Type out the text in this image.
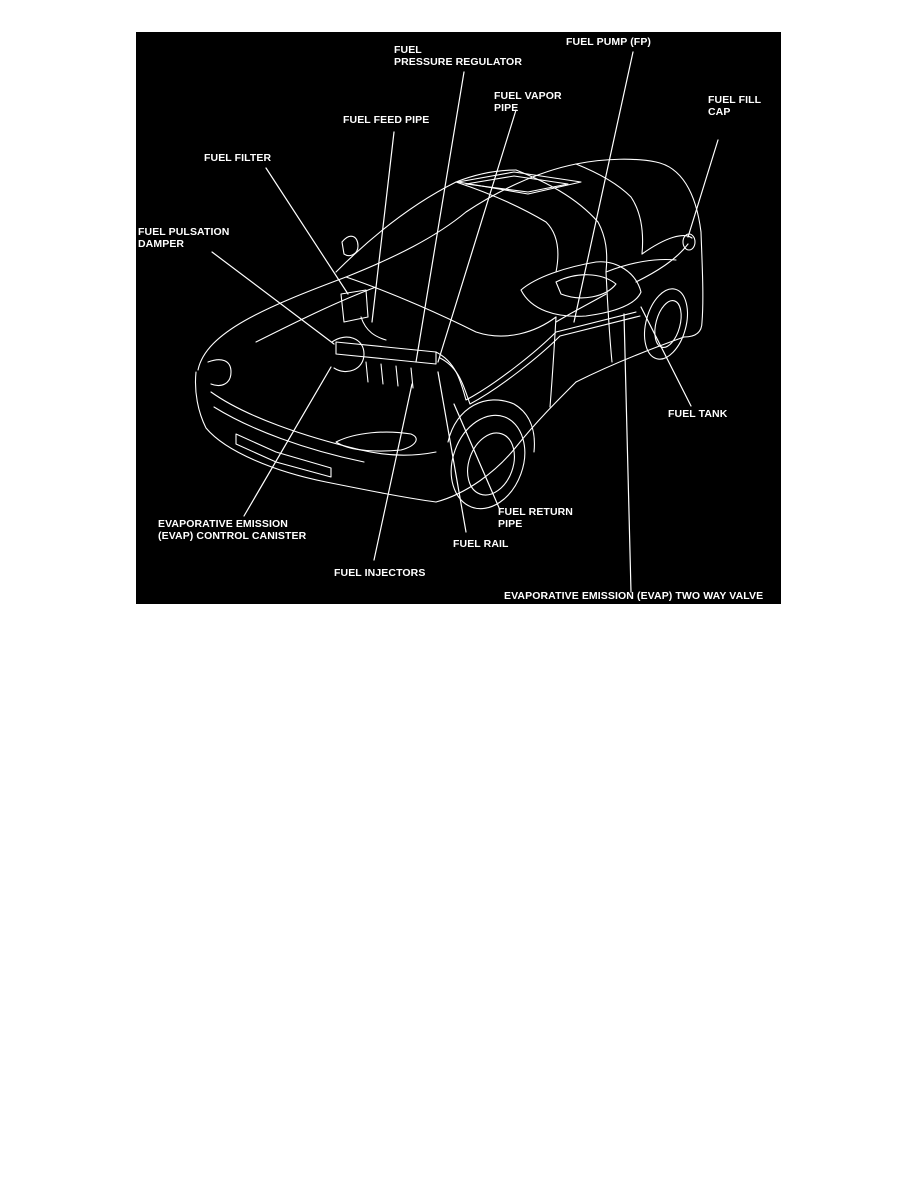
FUEL
PRESSURE REGULATOR
FUEL PUMP (FP)
FUEL VAPOR
PIPE
FUEL FILL
CAP
FUEL FEED PIPE
FUEL FILTER
FUEL PULSATION
DAMPER
FUEL TANK
EVAPORATIVE EMISSION
(EVAP) CONTROL CANISTER
FUEL RETURN
PIPE
FUEL RAIL
FUEL INJECTORS
EVAPORATIVE EMISSION (EVAP) TWO WAY VALVE
